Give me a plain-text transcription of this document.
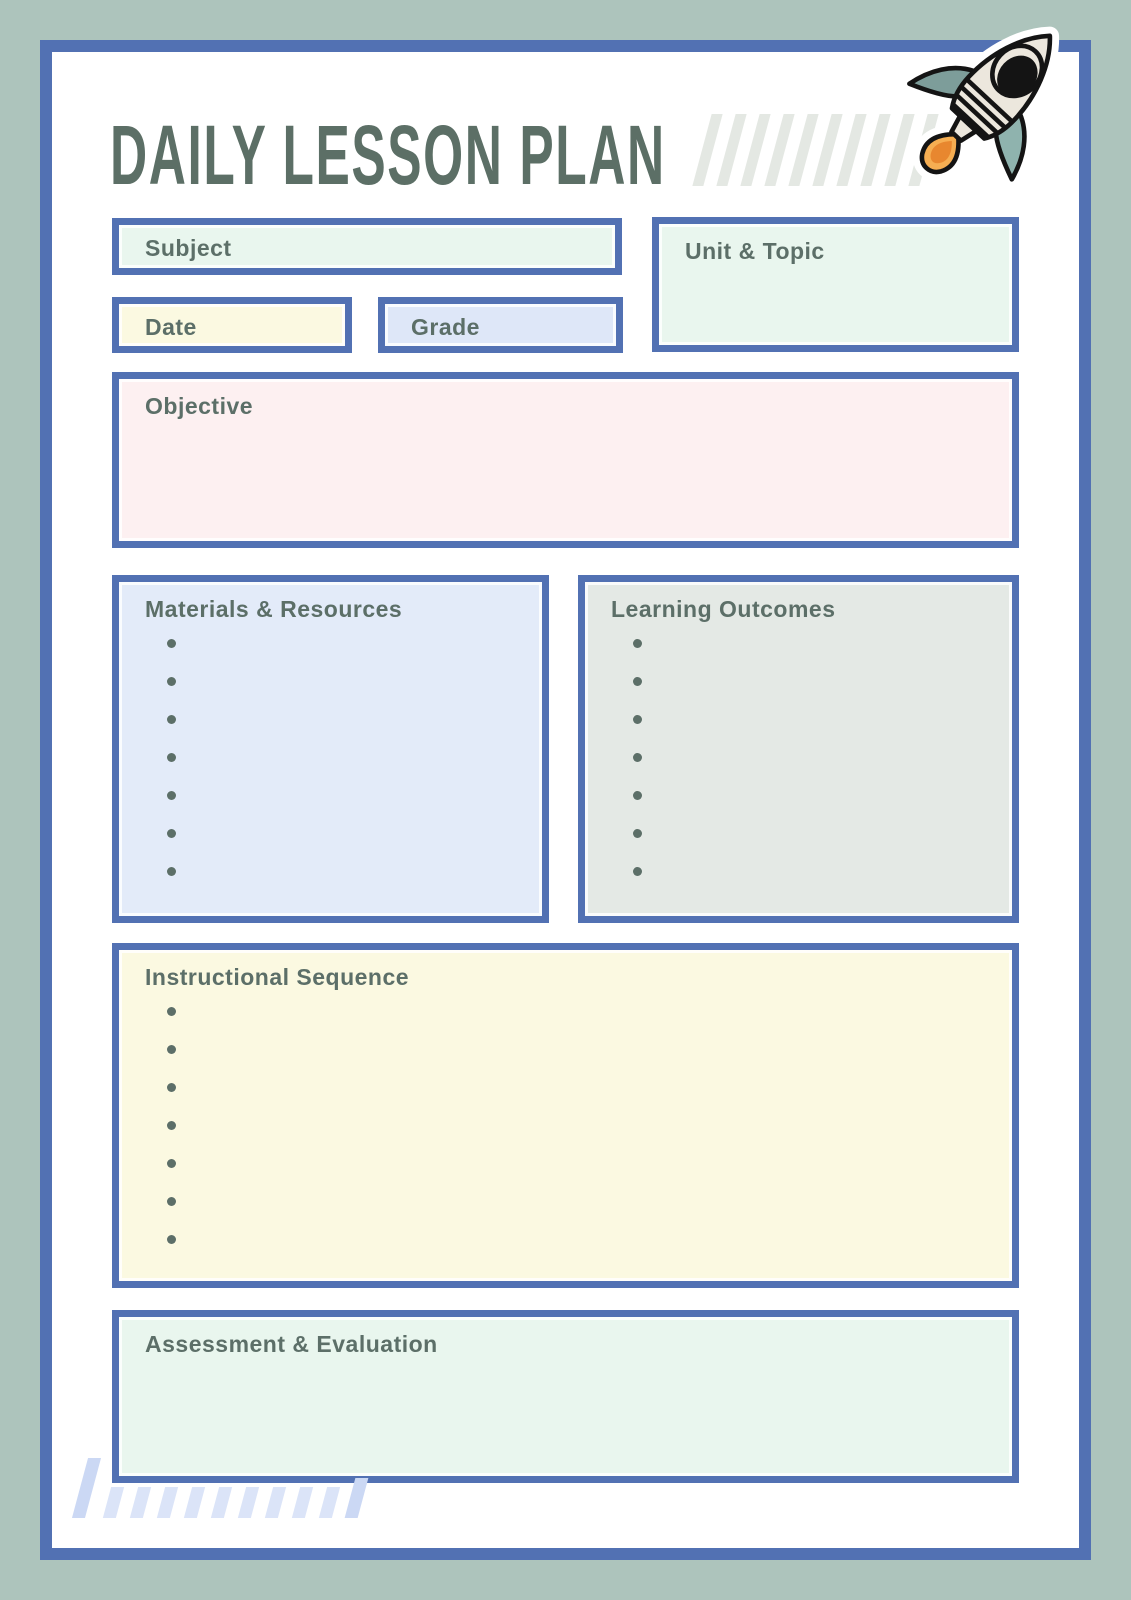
DAILY LESSON PLAN
Subject	Unit & Topic
Date	Grade
Objective
Materials & Resources	Learning Outcomes
Instructional Sequence
Assessment & Evaluation
